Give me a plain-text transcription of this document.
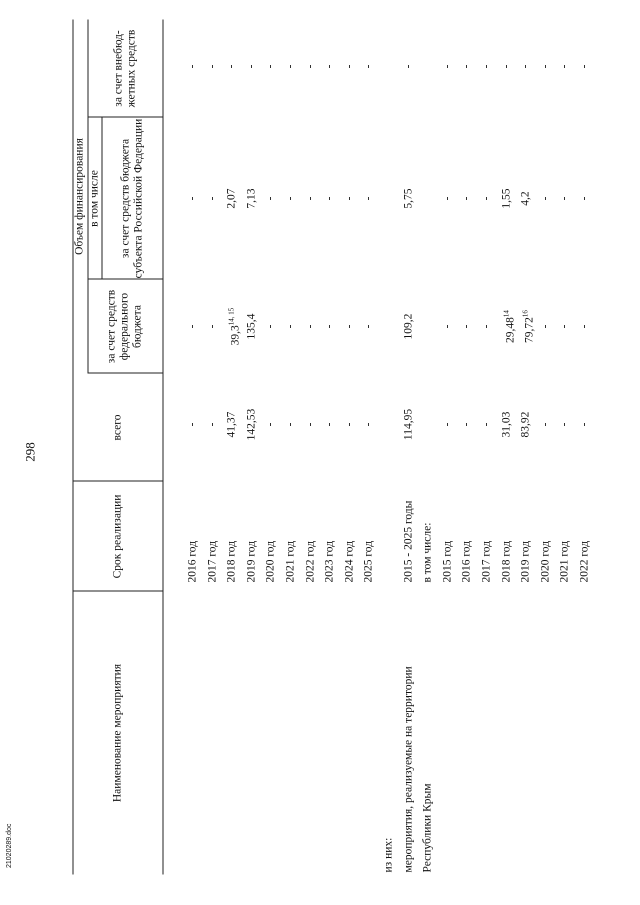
298
Наименование мероприятия
Срок реализации
Объем финансирования
всего
в том числе
за счет средств федерального бюджета
за счет средств бюджета субъекта Российской Федерации
за счет внебюд-жетных средств
2016 год
-
-
-
-
2017 год
-
-
-
-
2018 год
41,37
39,3$^{14, 15}$
2,07
-
2019 год
142,53
135,4
7,13
-
2020 год
-
-
-
-
2021 год
-
-
-
-
2022 год
-
-
-
-
2023 год
-
-
-
-
2024 год
-
-
-
-
2025 год
-
-
-
-
из них: мероприятия, реализуемые на территории
2015 - 2025 годы
114,95
109,2
5,75
-
Республики Крым
в том числе: 2015 год
-
-
-
-
2016 год
-
-
-
-
2017 год
-
-
-
-
2018 год
31,03
29,48$^{14}$
1,55
-
2019 год
83,92
79,72$^{16}$
4,2
-
2020 год
-
-
-
-
2021 год
-
-
-
-
2022 год
-
-
-
-
21020289.doc
